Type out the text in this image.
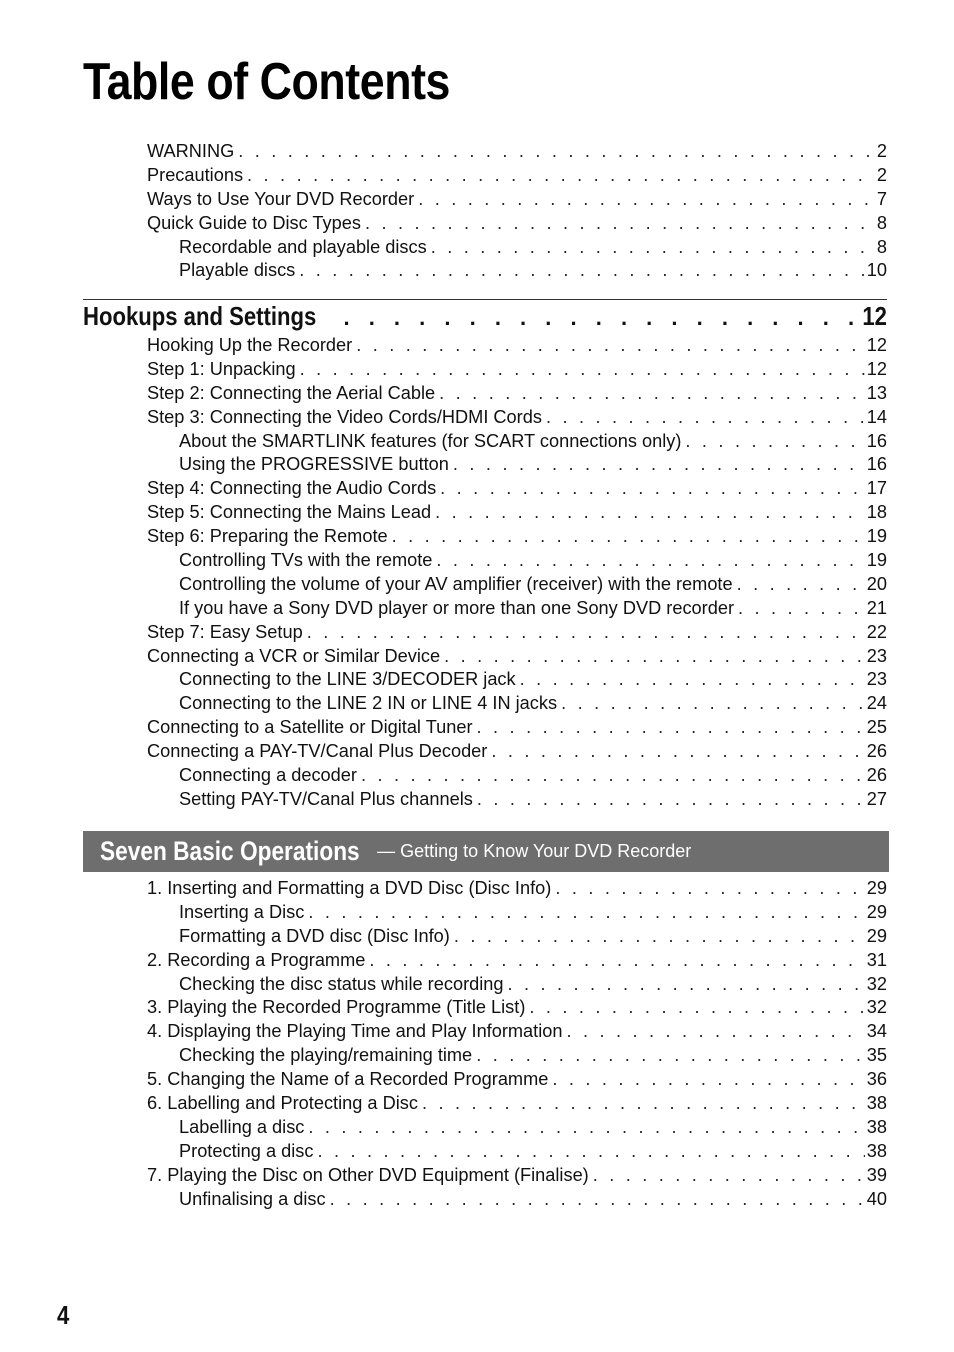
Table of Contents
WARNING . . .	2
Precautions . . .	2
Ways to Use Your DVD Recorder . . .	7
Quick Guide to Disc Types . . .	8
Recordable and playable discs . . .	8
Playable discs . . .	10
Hookups and Settings . . .	12
Hooking Up the Recorder . . .	12
Step 1: Unpacking . . .	12
Step 2: Connecting the Aerial Cable . . .	13
Step 3: Connecting the Video Cords/HDMI Cords . . .	14
About the SMARTLINK features (for SCART connections only) . . .	16
Using the PROGRESSIVE button . . .	16
Step 4: Connecting the Audio Cords . . .	17
Step 5: Connecting the Mains Lead . . .	18
Step 6: Preparing the Remote . . .	19
Controlling TVs with the remote . . .	19
Controlling the volume of your AV amplifier (receiver) with the remote . . .	20
If you have a Sony DVD player or more than one Sony DVD recorder . . .	21
Step 7: Easy Setup . . .	22
Connecting a VCR or Similar Device . . .	23
Connecting to the LINE 3/DECODER jack . . .	23
Connecting to the LINE 2 IN or LINE 4 IN jacks . . .	24
Connecting to a Satellite or Digital Tuner . . .	25
Connecting a PAY-TV/Canal Plus Decoder . . .	26
Connecting a decoder . . .	26
Setting PAY-TV/Canal Plus channels . . .	27
Seven Basic Operations — Getting to Know Your DVD Recorder
1. Inserting and Formatting a DVD Disc (Disc Info) . . .	29
Inserting a Disc . . .	29
Formatting a DVD disc (Disc Info) . . .	29
2. Recording a Programme . . .	31
Checking the disc status while recording . . .	32
3. Playing the Recorded Programme (Title List) . . .	32
4. Displaying the Playing Time and Play Information . . .	34
Checking the playing/remaining time . . .	35
5. Changing the Name of a Recorded Programme . . .	36
6. Labelling and Protecting a Disc . . .	38
Labelling a disc . . .	38
Protecting a disc . . .	38
7. Playing the Disc on Other DVD Equipment (Finalise) . . .	39
Unfinalising a disc . . .	40
4
